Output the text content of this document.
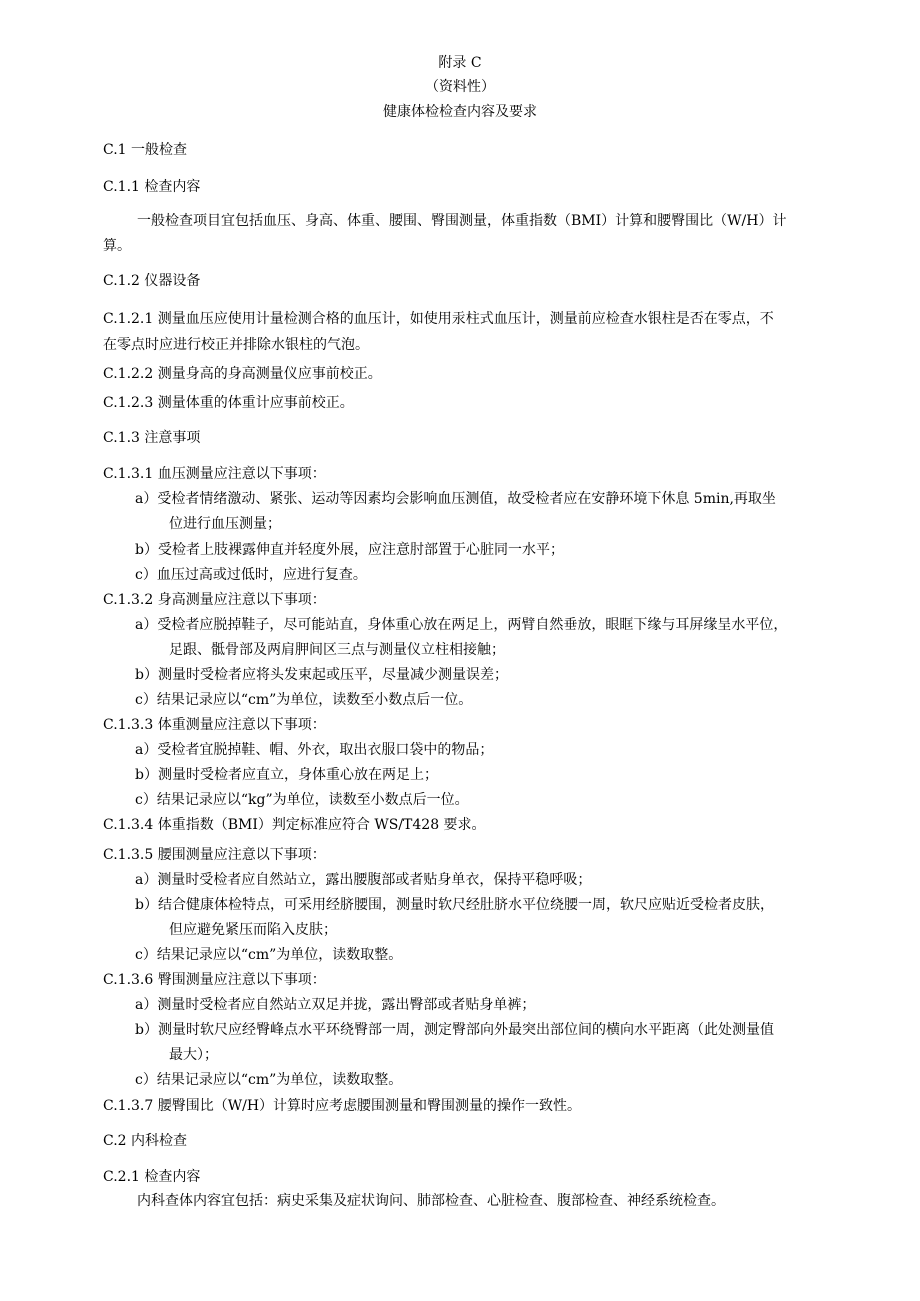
附录 C

（资料性）

健康体检检查内容及要求

C.1 一般检查

C.1.1 检查内容

一般检查项目宜包括血压、身高、体重、腰围、臀围测量，体重指数（BMI）计算和腰臀围比（W/H）计

算。

C.1.2 仪器设备

C.1.2.1 测量血压应使用计量检测合格的血压计，如使用汞柱式血压计，测量前应检查水银柱是否在零点，不

在零点时应进行校正并排除水银柱的气泡。

C.1.2.2 测量身高的身高测量仪应事前校正。

C.1.2.3 测量体重的体重计应事前校正。

C.1.3 注意事项

C.1.3.1 血压测量应注意以下事项：

a）受检者情绪激动、紧张、运动等因素均会影响血压测值，故受检者应在安静环境下休息 5min,再取坐

位进行血压测量；

b）受检者上肢裸露伸直并轻度外展，应注意肘部置于心脏同一水平；

c）血压过高或过低时，应进行复查。

C.1.3.2 身高测量应注意以下事项：

a）受检者应脱掉鞋子，尽可能站直，身体重心放在两足上，两臂自然垂放，眼眶下缘与耳屏缘呈水平位，

足跟、骶骨部及两肩胛间区三点与测量仪立柱相接触；

b）测量时受检者应将头发束起或压平，尽量减少测量误差；

c）结果记录应以“cm”为单位，读数至小数点后一位。

C.1.3.3 体重测量应注意以下事项：

a）受检者宜脱掉鞋、帽、外衣，取出衣服口袋中的物品；

b）测量时受检者应直立，身体重心放在两足上；

c）结果记录应以“kg”为单位，读数至小数点后一位。

C.1.3.4 体重指数（BMI）判定标准应符合 WS/T428 要求。

C.1.3.5 腰围测量应注意以下事项：

a）测量时受检者应自然站立，露出腰腹部或者贴身单衣，保持平稳呼吸；

b）结合健康体检特点，可采用经脐腰围，测量时软尺经肚脐水平位绕腰一周，软尺应贴近受检者皮肤，

但应避免紧压而陷入皮肤；

c）结果记录应以“cm”为单位，读数取整。

C.1.3.6 臀围测量应注意以下事项：

a）测量时受检者应自然站立双足并拢，露出臀部或者贴身单裤；

b）测量时软尺应经臀峰点水平环绕臀部一周，测定臀部向外最突出部位间的横向水平距离（此处测量值

最大）；

c）结果记录应以“cm”为单位，读数取整。

C.1.3.7 腰臀围比（W/H）计算时应考虑腰围测量和臀围测量的操作一致性。

C.2 内科检查

C.2.1 检查内容

内科查体内容宜包括：病史采集及症状询问、肺部检查、心脏检查、腹部检查、神经系统检查。
